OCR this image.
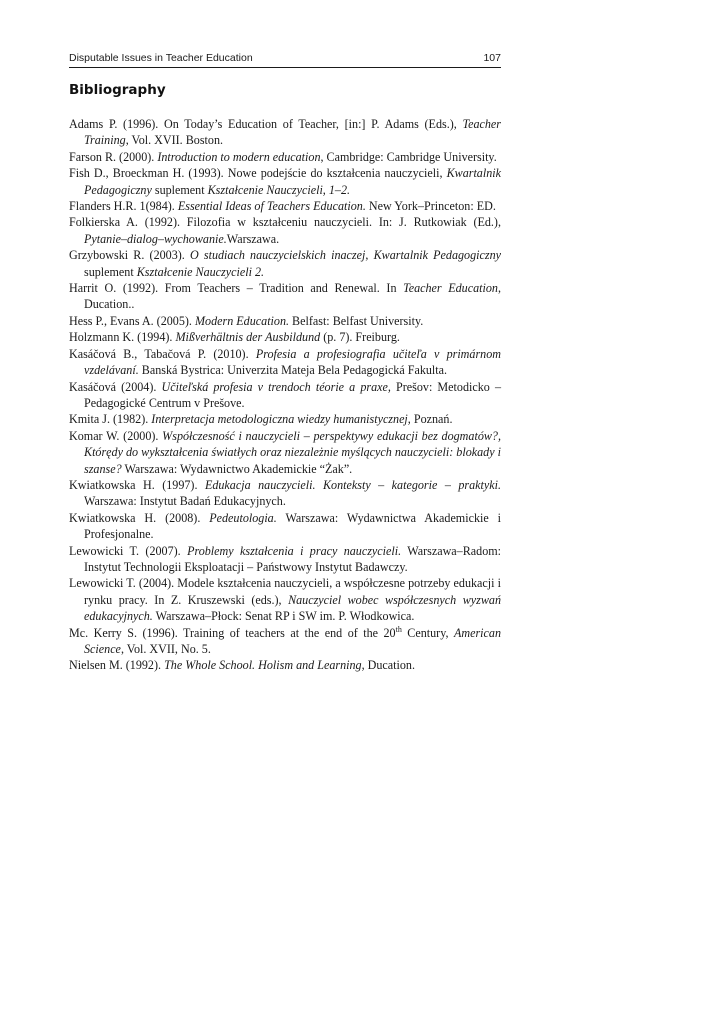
Disputable Issues in Teacher Education	107
Bibliography
Adams P. (1996). On Today’s Education of Teacher, [in:] P. Adams (Eds.), Teacher Training, Vol. XVII. Boston.
Farson R. (2000). Introduction to modern education, Cambridge: Cambridge University.
Fish D., Broeckman H. (1993). Nowe podejście do kształcenia nauczycieli, Kwartalnik Pedagogiczny suplement Kształcenie Nauczycieli, 1–2.
Flanders H.R. 1(984). Essential Ideas of Teachers Education. New York–Princeton: ED.
Folkierska A. (1992). Filozofia w kształceniu nauczycieli. In: J. Rutkowiak (Ed.), Pytanie–dialog–wychowanie.Warszawa.
Grzybowski R. (2003). O studiach nauczycielskich inaczej, Kwartalnik Pedagogiczny suplement Kształcenie Nauczycieli 2.
Harrit O. (1992). From Teachers – Tradition and Renewal. In Teacher Education, Ducation..
Hess P., Evans A. (2005). Modern Education. Belfast: Belfast University.
Holzmann K. (1994). Mißverhältnis der Ausbildund (p. 7). Freiburg.
Kasáčová B., Tabačová P. (2010). Profesia a profesiografia učiteľa v primárnom vzdelávaní. Banská Bystrica: Univerzita Mateja Bela Pedagogická Fakulta.
Kasáčová (2004). Učiteľská profesia v trendoch téorie a praxe, Prešov: Metodicko – Pedagogické Centrum v Prešove.
Kmita J. (1982). Interpretacja metodologiczna wiedzy humanistycznej, Poznań.
Komar W. (2000). Współczesność i nauczycieli – perspektywy edukacji bez dogmatów?, Którędy do wykształcenia światłych oraz niezależnie myślących nauczycieli: blokady i szanse? Warszawa: Wydawnictwo Akademickie “Żak”.
Kwiatkowska H. (1997). Edukacja nauczycieli. Konteksty – kategorie – praktyki. Warszawa: Instytut Badań Edukacyjnych.
Kwiatkowska H. (2008). Pedeutologia. Warszawa: Wydawnictwa Akademickie i Profesjonalne.
Lewowicki T. (2007). Problemy kształcenia i pracy nauczycieli. Warszawa–Radom: Instytut Technologii Eksploatacji – Państwowy Instytut Badawczy.
Lewowicki T. (2004). Modele kształcenia nauczycieli, a współczesne potrzeby edukacji i rynku pracy. In Z. Kruszewski (eds.), Nauczyciel wobec współczesnych wyzwań edukacyjnych. Warszawa–Płock: Senat RP i SW im. P. Włodkowica.
Mc. Kerry S. (1996). Training of teachers at the end of the 20th Century, American Science, Vol. XVII, No. 5.
Nielsen M. (1992). The Whole School. Holism and Learning, Ducation.
